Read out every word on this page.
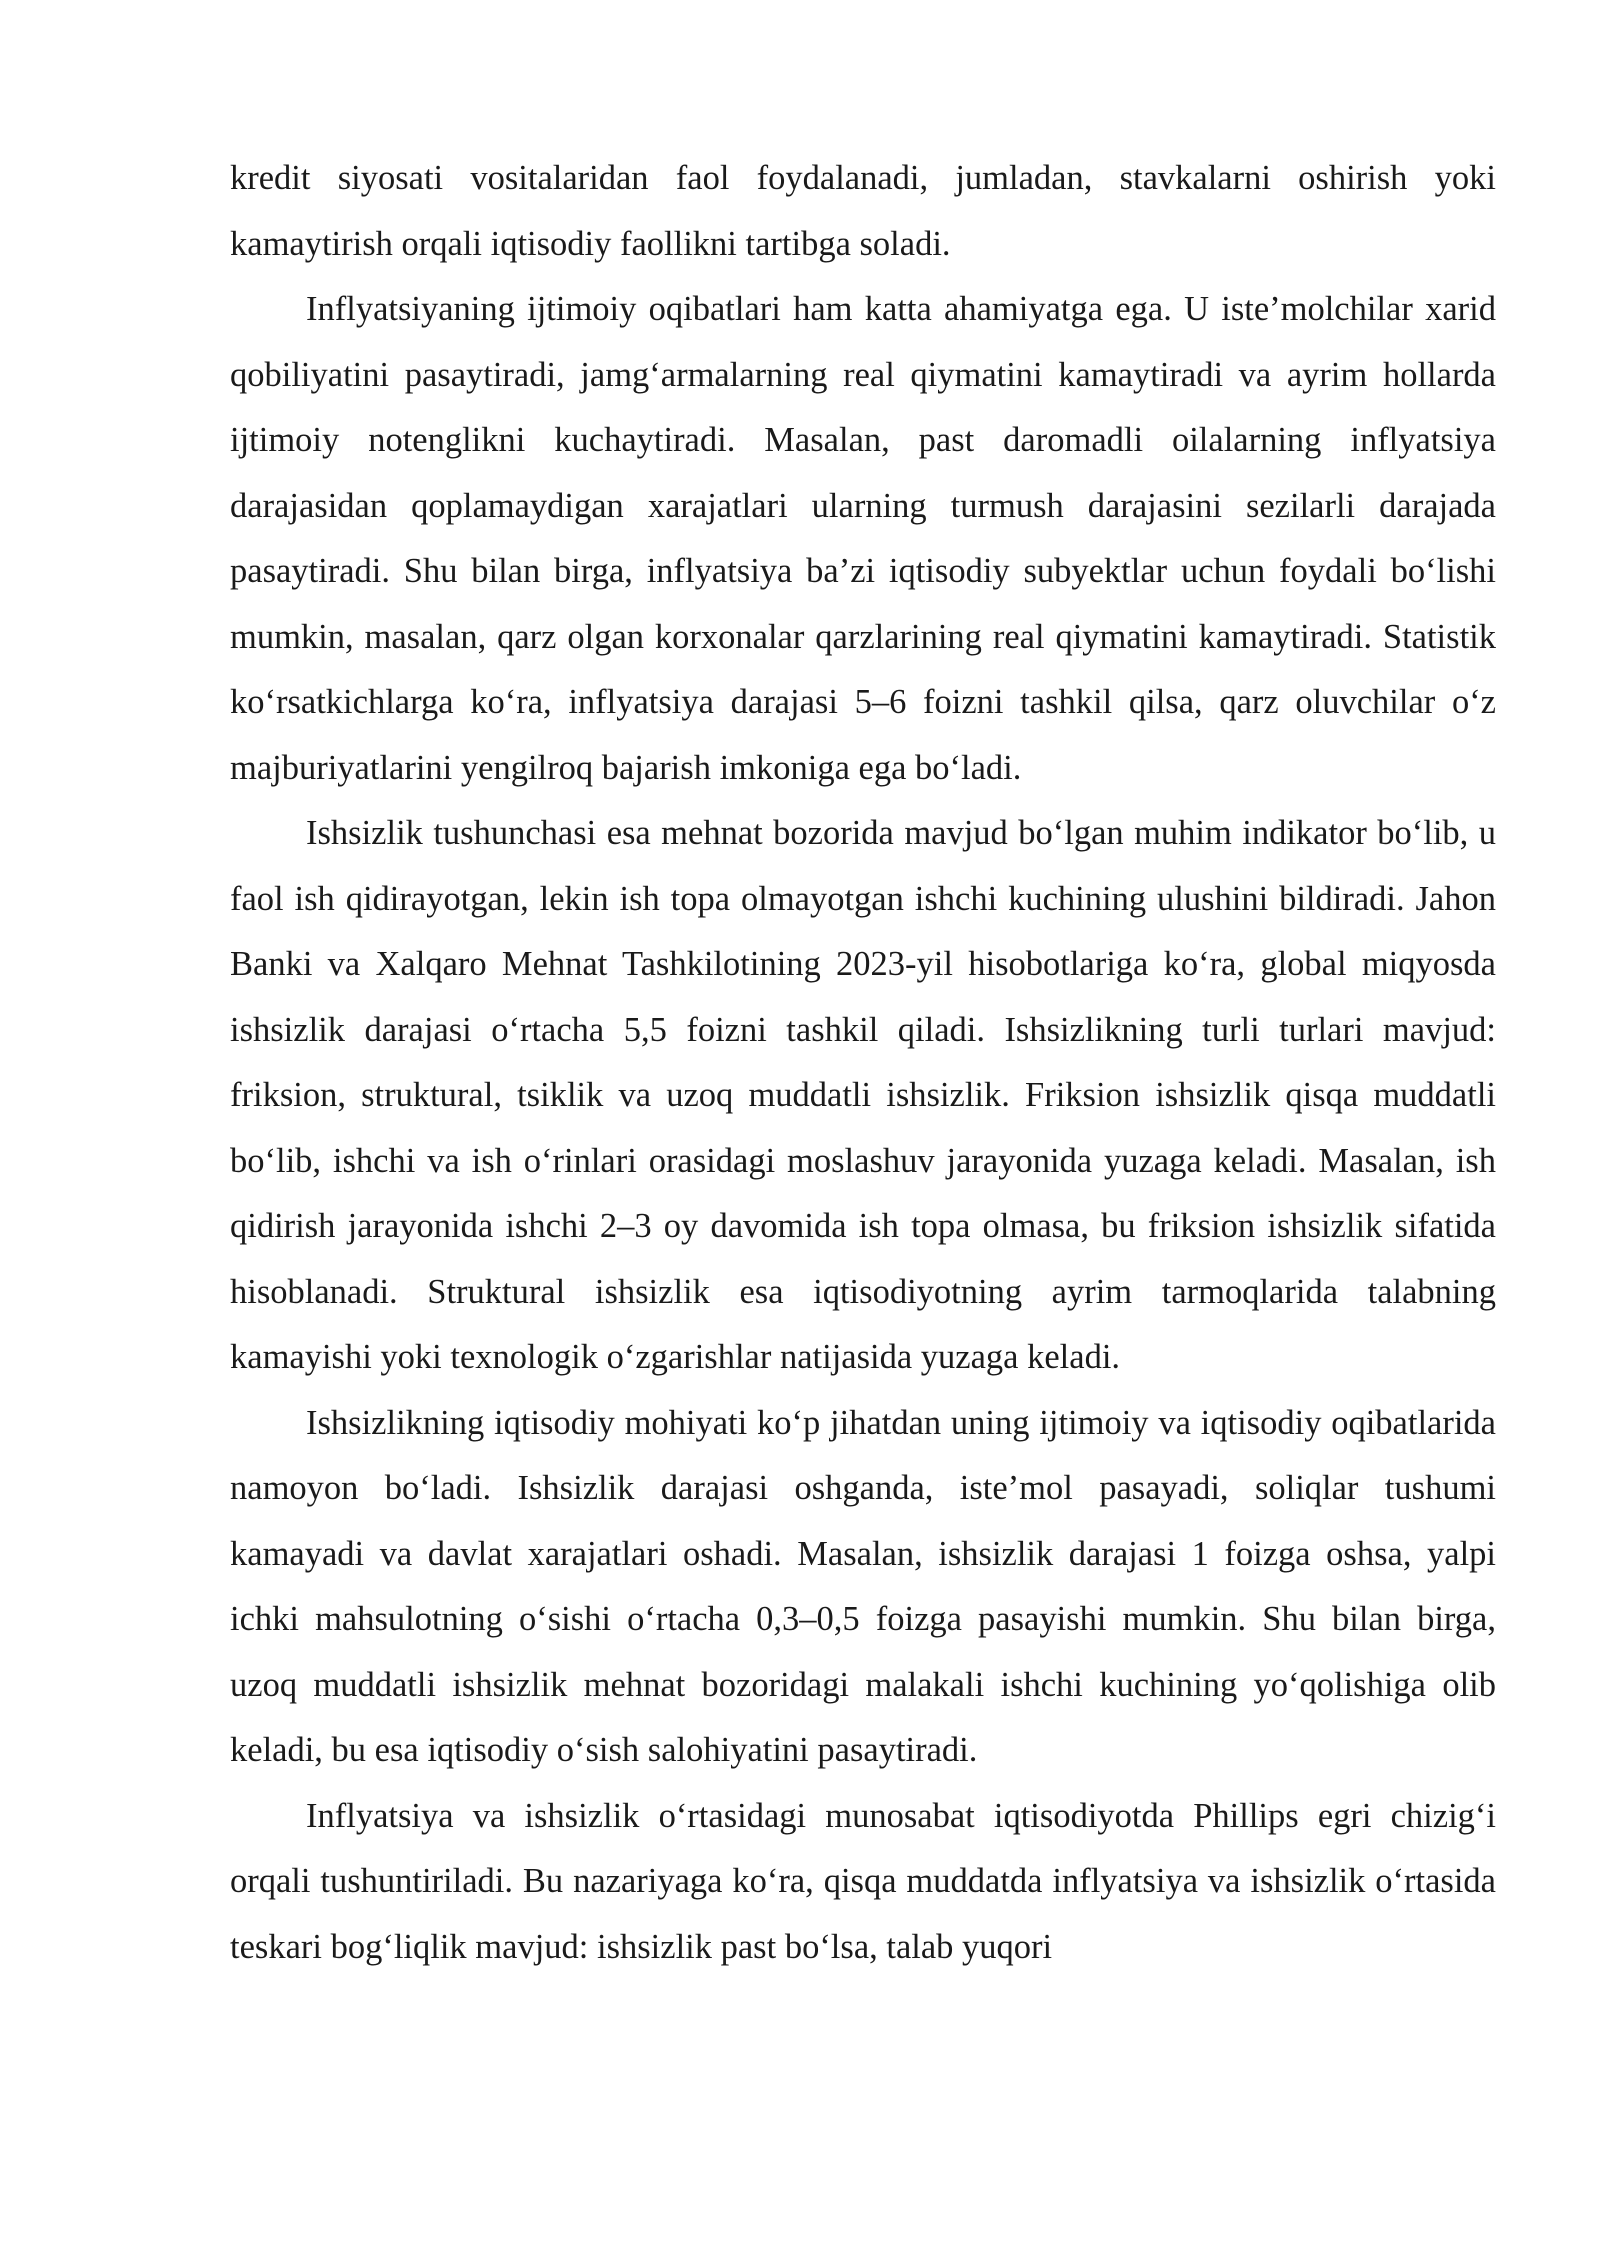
kredit siyosati vositalaridan faol foydalanadi, jumladan, stavkalarni oshirish yoki kamaytirish orqali iqtisodiy faollikni tartibga soladi.

Inflyatsiyaning ijtimoiy oqibatlari ham katta ahamiyatga ega. U iste’molchilar xarid qobiliyatini pasaytiradi, jamg‘armalarning real qiymatini kamaytiradi va ayrim hollarda ijtimoiy notenglikni kuchaytiradi. Masalan, past daromadli oilalarning inflyatsiya darajasidan qoplamaydigan xarajatlari ularning turmush darajasini sezilarli darajada pasaytiradi. Shu bilan birga, inflyatsiya ba’zi iqtisodiy subyektlar uchun foydali bo‘lishi mumkin, masalan, qarz olgan korxonalar qarzlarining real qiymatini kamaytiradi. Statistik ko‘rsatkichlarga ko‘ra, inflyatsiya darajasi 5–6 foizni tashkil qilsa, qarz oluvchilar o‘z majburiyatlarini yengilroq bajarish imkoniga ega bo‘ladi.

Ishsizlik tushunchasi esa mehnat bozorida mavjud bo‘lgan muhim indikator bo‘lib, u faol ish qidirayotgan, lekin ish topa olmayotgan ishchi kuchining ulushini bildiradi. Jahon Banki va Xalqaro Mehnat Tashkilotining 2023-yil hisobotlariga ko‘ra, global miqyosda ishsizlik darajasi o‘rtacha 5,5 foizni tashkil qiladi. Ishsizlikning turli turlari mavjud: friksion, struktural, tsiklik va uzoq muddatli ishsizlik. Friksion ishsizlik qisqa muddatli bo‘lib, ishchi va ish o‘rinlari orasidagi moslashuv jarayonida yuzaga keladi. Masalan, ish qidirish jarayonida ishchi 2–3 oy davomida ish topa olmasa, bu friksion ishsizlik sifatida hisoblanadi. Struktural ishsizlik esa iqtisodiyotning ayrim tarmoqlarida talabning kamayishi yoki texnologik o‘zgarishlar natijasida yuzaga keladi.

Ishsizlikning iqtisodiy mohiyati ko‘p jihatdan uning ijtimoiy va iqtisodiy oqibatlarida namoyon bo‘ladi. Ishsizlik darajasi oshganda, iste’mol pasayadi, soliqlar tushumi kamayadi va davlat xarajatlari oshadi. Masalan, ishsizlik darajasi 1 foizga oshsa, yalpi ichki mahsulotning o‘sishi o‘rtacha 0,3–0,5 foizga pasayishi mumkin. Shu bilan birga, uzoq muddatli ishsizlik mehnat bozoridagi malakali ishchi kuchining yo‘qolishiga olib keladi, bu esa iqtisodiy o‘sish salohiyatini pasaytiradi.

Inflyatsiya va ishsizlik o‘rtasidagi munosabat iqtisodiyotda Phillips egri chizig‘i orqali tushuntiriladi. Bu nazariyaga ko‘ra, qisqa muddatda inflyatsiya va ishsizlik o‘rtasida teskari bog‘liqlik mavjud: ishsizlik past bo‘lsa, talab yuqori
